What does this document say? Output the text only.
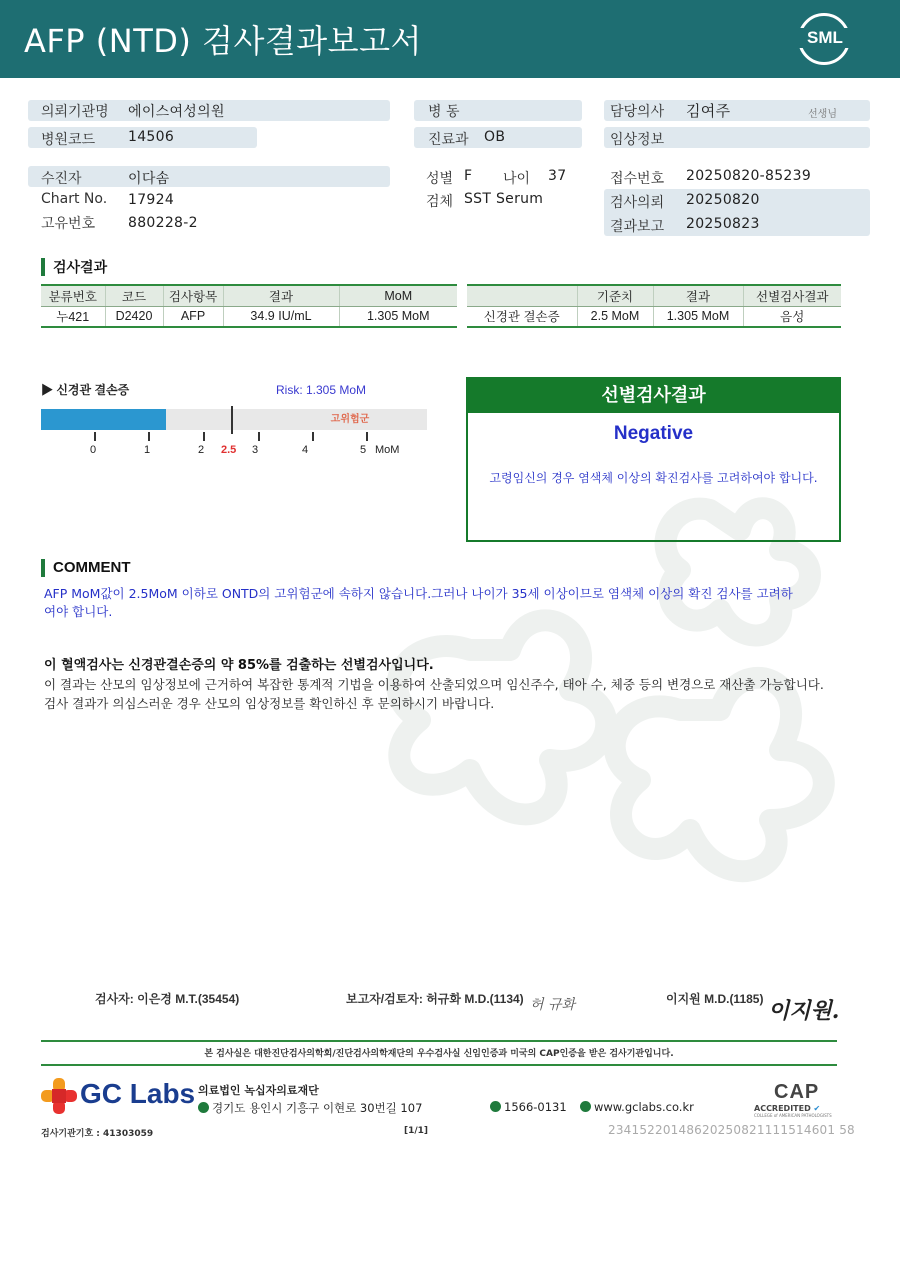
AFP (NTD) 검사결과보고서	SML
의뢰기관명 에이스여성의원
병원코드 14506
병 동
진료과 OB
담당의사 김여주	선생님
임상정보
수진자	이다솜
Chart No. 17924
고유번호 880228-2
성별 F 나이 37
검체 SST Serum
접수번호 20250820-85239
검사의뢰 20250820
결과보고 20250823
검사결과
분류번호	코드	검사항목	결과	MoM
누421	D2420	AFP	34.9 IU/mL	1.305 MoM
	기준치	결과	선별검사결과
신경관 결손증	2.5 MoM	1.305 MoM	음성
▶ 신경관 결손증	Risk: 1.305 MoM
고위험군
0	1	2 2.5 3	4	5 MoM
선별검사결과
Negative
고령임신의 경우 염색체 이상의 확진검사를 고려하여야 합니다.
COMMENT
AFP MoM값이 2.5MoM 이하로 ONTD의 고위험군에 속하지 않습니다.그러나 나이가 35세 이상이므로 염색체 이상의 확진 검사를 고려하여야 합니다.
이 혈액검사는 신경관결손증의 약 85%를 검출하는 선별검사입니다.
이 결과는 산모의 임상정보에 근거하여 복잡한 통계적 기법을 이용하여 산출되었으며 임신주수, 태아 수, 체중 등의 변경으로 재산출 가능합니다. 검사 결과가 의심스러운 경우 산모의 임상정보를 확인하신 후 문의하시기 바랍니다.
검사자: 이은경 M.T.(35454)	보고자/검토자: 허규화 M.D.(1134) 허 규화	이지원 M.D.(1185) 이지원.
본 검사실은 대한진단검사의학회/진단검사의학재단의 우수검사실 신임인증과 미국의 CAP인증을 받은 검사기관입니다.
GC Labs 의료법인 녹십자의료재단
경기도 용인시 기흥구 이현로 30번길 107	1566-0131	www.gclabs.co.kr
CAP
ACCREDITED ✔
COLLEGE of AMERICAN PATHOLOGISTS
검사기관기호 : 41303059	[1/1]	23415220148620250821111514601 58
